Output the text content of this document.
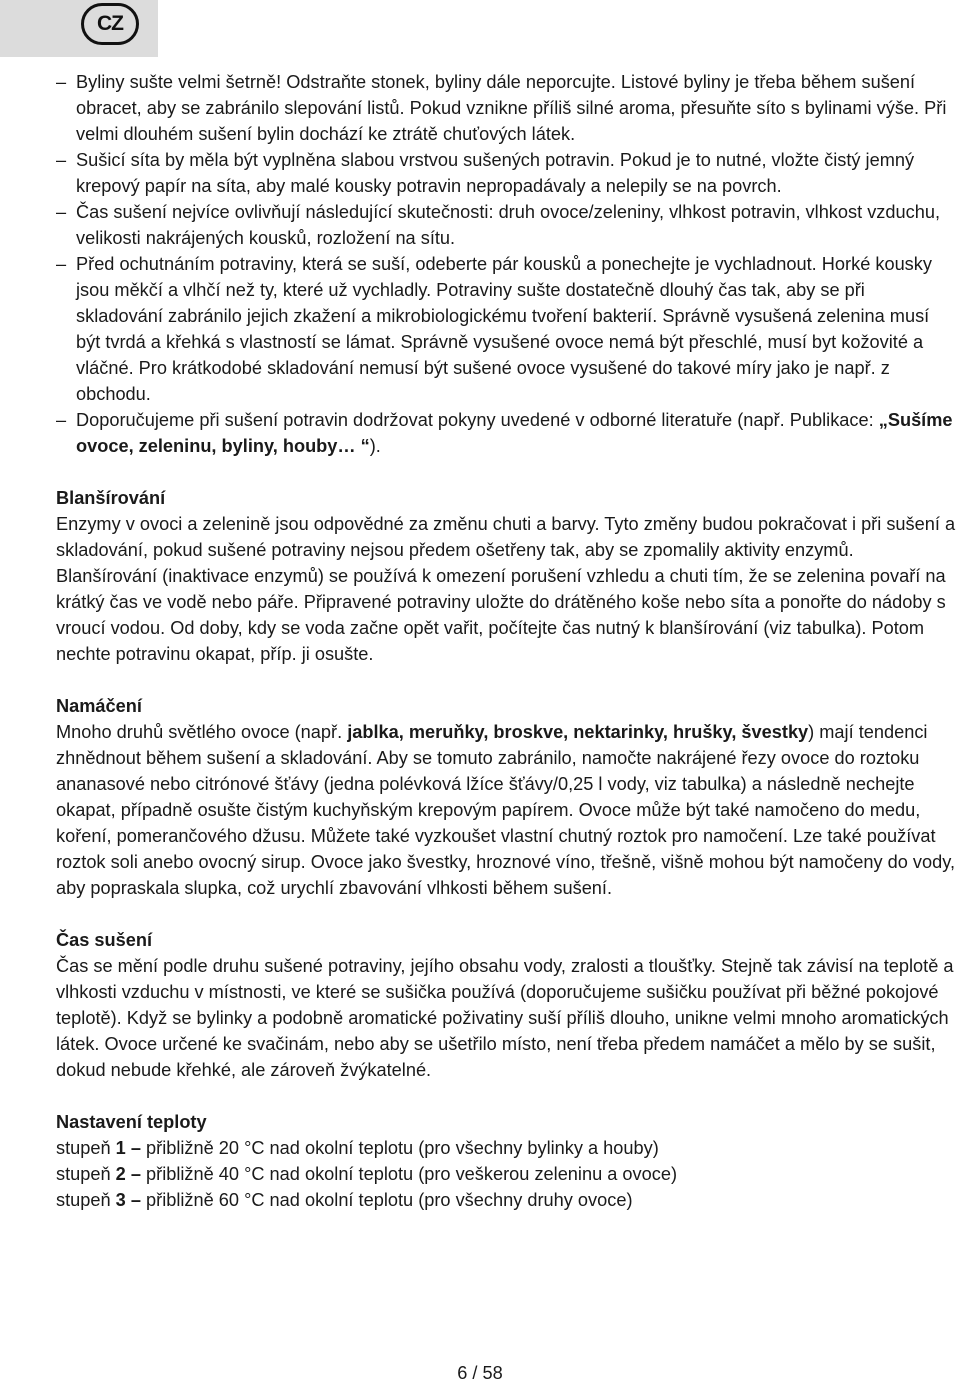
CZ

– Byliny sušte velmi šetrně! Odstraňte stonek, byliny dále neporcujte. Listové byliny je třeba během sušení obracet, aby se zabránilo slepování listů. Pokud vznikne příliš silné aroma, přesuňte síto s bylinami výše. Při velmi dlouhém sušení bylin dochází ke ztrátě chuťových látek.

– Sušicí síta by měla být vyplněna slabou vrstvou sušených potravin. Pokud je to nutné, vložte čistý jemný krepový papír na síta, aby malé kousky potravin nepropadávaly a nelepily se na povrch.

– Čas sušení nejvíce ovlivňují následující skutečnosti: druh ovoce/zeleniny, vlhkost potravin, vlhkost vzduchu, velikosti nakrájených kousků, rozložení na sítu.

– Před ochutnáním potraviny, která se suší, odeberte pár kousků a ponechejte je vychladnout. Horké kousky jsou měkčí a vlhčí než ty, které už vychladly. Potraviny sušte dostatečně dlouhý čas tak, aby se při skladování zabránilo jejich zkažení a mikrobiologickému tvoření bakterií. Správně vysušená zelenina musí být tvrdá a křehká s vlastností se lámat. Správně vysušené ovoce nemá být přeschlé, musí byt kožovité a vláčné. Pro krátkodobé skladování nemusí být sušené ovoce vysušené do takové míry jako je např. z obchodu.

– Doporučujeme při sušení potravin dodržovat pokyny uvedené v odborné literatuře (např. Publikace: „Sušíme ovoce, zeleninu, byliny, houby… “).

Blanšírování

Enzymy v ovoci a zelenině jsou odpovědné za změnu chuti a barvy. Tyto změny budou pokračovat i při sušení a skladování, pokud sušené potraviny nejsou předem ošetřeny tak, aby se zpomalily aktivity enzymů. Blanšírování (inaktivace enzymů) se používá k omezení porušení vzhledu a chuti tím, že se zelenina povaří na krátký čas ve vodě nebo páře. Připravené potraviny uložte do drátěného koše nebo síta a ponořte do nádoby s vroucí vodou. Od doby, kdy se voda začne opět vařit, počítejte čas nutný k blanšírování (viz tabulka). Potom nechte potravinu okapat, příp. ji osušte.

Namáčení

Mnoho druhů světlého ovoce (např. jablka, meruňky, broskve, nektarinky, hrušky, švestky) mají tendenci zhnědnout během sušení a skladování. Aby se tomuto zabránilo, namočte nakrájené řezy ovoce do roztoku ananasové nebo citrónové šťávy (jedna polévková lžíce šťávy/0,25 l vody, viz tabulka) a následně nechejte okapat, případně osušte čistým kuchyňským krepovým papírem. Ovoce může být také namočeno do medu, koření, pomerančového džusu. Můžete také vyzkoušet vlastní chutný roztok pro namočení. Lze také používat roztok soli anebo ovocný sirup. Ovoce jako švestky, hroznové víno, třešně, višně mohou být namočeny do vody, aby popraskala slupka, což urychlí zbavování vlhkosti během sušení.

Čas sušení

Čas se mění podle druhu sušené potraviny, jejího obsahu vody, zralosti a tloušťky. Stejně tak závisí na teplotě a vlhkosti vzduchu v místnosti, ve které se sušička používá (doporučujeme sušičku používat při běžné pokojové teplotě). Když se bylinky a podobně aromatické poživatiny suší příliš dlouho, unikne velmi mnoho aromatických látek. Ovoce určené ke svačinám, nebo aby se ušetřilo místo, není třeba předem namáčet a mělo by se sušit, dokud nebude křehké, ale zároveň žvýkatelné.

Nastavení teploty

stupeň 1 – přibližně 20 °C nad okolní teplotu (pro všechny bylinky a houby)

stupeň 2 – přibližně 40 °C nad okolní teplotu (pro veškerou zeleninu a ovoce)

stupeň 3 – přibližně 60 °C nad okolní teplotu (pro všechny druhy ovoce)

6 / 58
